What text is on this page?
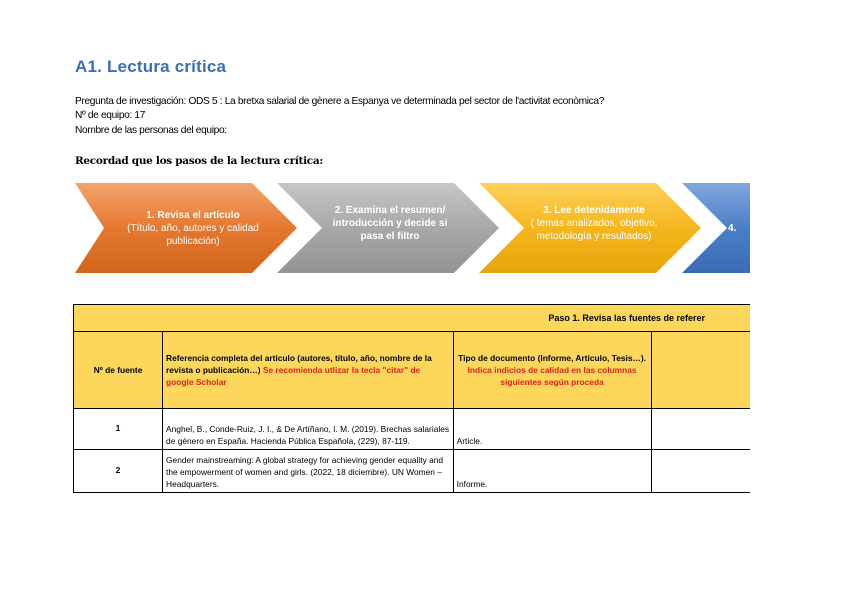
A1. Lectura crítica
Pregunta de investigación: ODS 5 : La bretxa salarial de gènere a Espanya ve determinada pel sector de l'activitat econòmica?
Nº de equipo: 17
Nombre de las personas del equipo:
Recordad que los pasos de la lectura crítica:
1. Revisa el artículo
(Título, año, autores y calidad publicación)
2. Examina el resumen/ introducción y decide si pasa el filtro
3. Lee detenidamente
( temas analizados, objetivo, metodología y resultados)
4.
Paso 1. Revisa las fuentes de referer			
Nº de fuente	Referencia completa del artículo (autores, título, año, nombre de la revista o publicación…) Se recomienda utlizar la tecla "citar" de google Scholar	Tipo de documento (Informe, Artículo, Tesis…).
Indica indicios de calidad en las columnas siguientes según proceda	
1	Anghel, B., Conde-Ruiz, J. I., & De Artíñano, I. M. (2019). Brechas salariales de género en España. Hacienda Pública Española, (229), 87-119.	Article.	
2	Gender mainstreaming: A global strategy for achieving gender equality and the empowerment of women and girls. (2022, 18 diciembre). UN Women – Headquarters.	Informe.	
